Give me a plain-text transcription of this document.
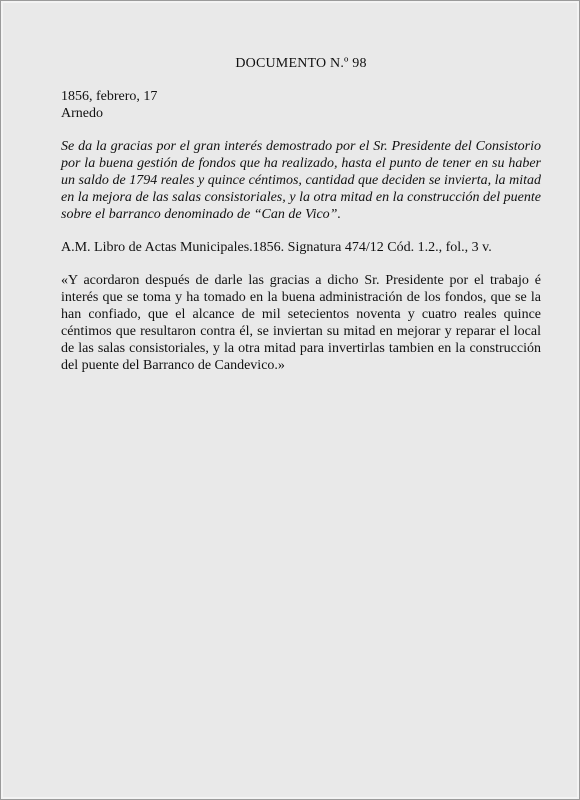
DOCUMENTO N.º 98

1856, febrero, 17

Arnedo

Se da la gracias por el gran interés demostrado por el Sr. Presidente del Consistorio por la buena gestión de fondos que ha realizado, hasta el punto de tener en su haber un saldo de 1794 reales y quince céntimos, cantidad que deciden se invierta, la mitad en la mejora de las salas consistoriales, y la otra mitad en la construcción del puente sobre el barranco denominado de “Can de Vico”.

A.M. Libro de Actas Municipales.1856. Signatura 474/12 Cód. 1.2., fol., 3 v.

«Y acordaron después de darle las gracias a dicho Sr. Presidente por el trabajo é interés que se toma y ha tomado en la buena administración de los fondos, que se la han confiado, que el alcance de mil setecientos noventa y cuatro reales quince céntimos que resultaron contra él, se inviertan su mitad en mejorar y reparar el local de las salas consistoriales, y la otra mitad para invertirlas tambien en la construcción del puente del Barranco de Candevico.»
